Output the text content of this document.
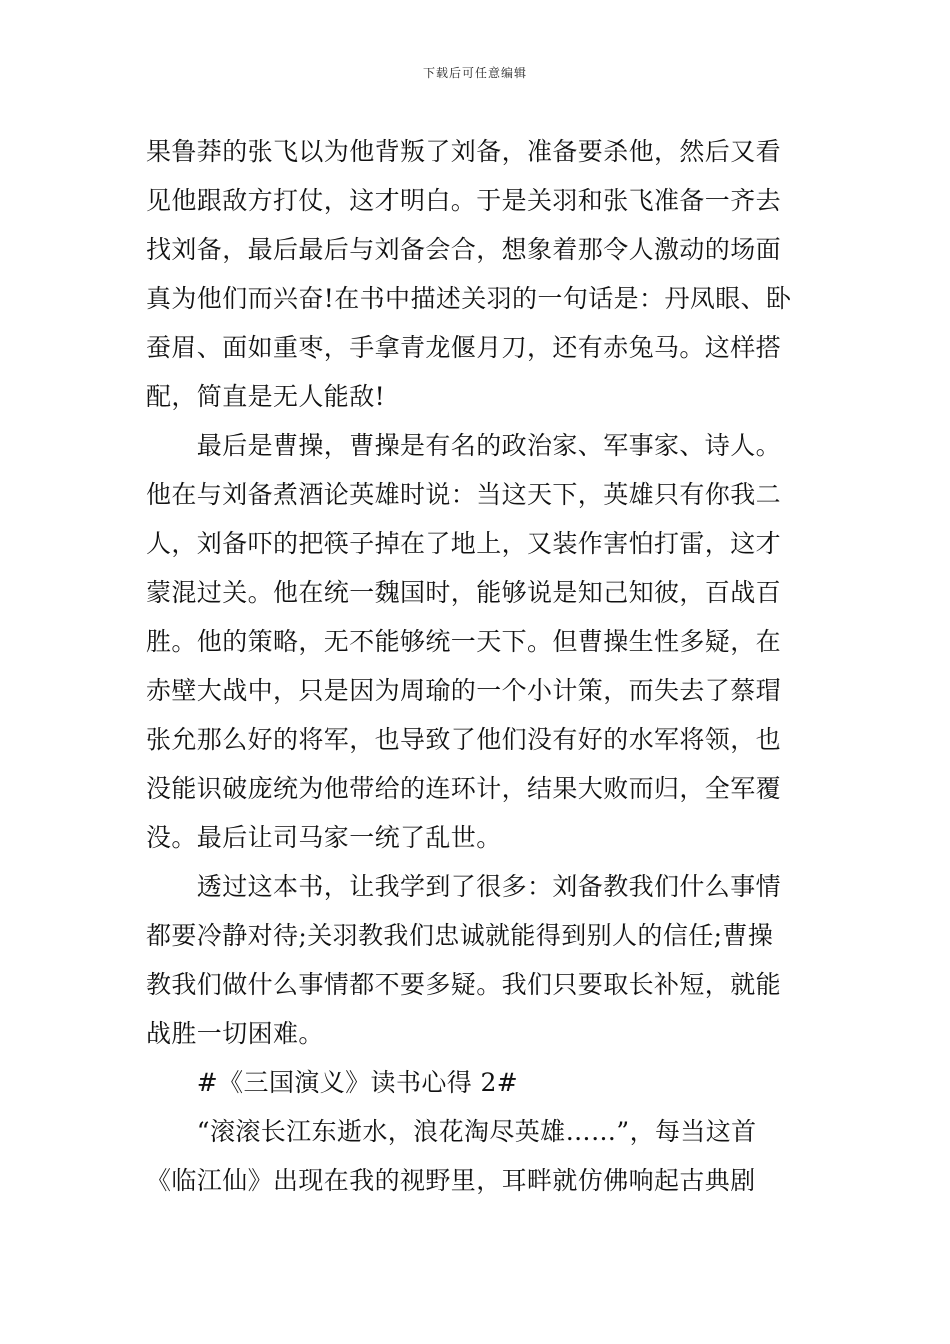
下载后可任意编辑
果鲁莽的张飞以为他背叛了刘备，准备要杀他，然后又看
见他跟敌方打仗，这才明白。于是关羽和张飞准备一齐去
找刘备，最后最后与刘备会合，想象着那令人激动的场面
真为他们而兴奋!在书中描述关羽的一句话是：丹凤眼、卧
蚕眉、面如重枣，手拿青龙偃月刀，还有赤兔马。这样搭
配，简直是无人能敌!
　　最后是曹操，曹操是有名的政治家、军事家、诗人。
他在与刘备煮酒论英雄时说：当这天下，英雄只有你我二
人，刘备吓的把筷子掉在了地上，又装作害怕打雷，这才
蒙混过关。他在统一魏国时，能够说是知己知彼，百战百
胜。他的策略，无不能够统一天下。但曹操生性多疑，在
赤壁大战中，只是因为周瑜的一个小计策，而失去了蔡瑁
张允那么好的将军，也导致了他们没有好的水军将领，也
没能识破庞统为他带给的连环计，结果大败而归，全军覆
没。最后让司马家一统了乱世。
　　透过这本书，让我学到了很多：刘备教我们什么事情
都要冷静对待;关羽教我们忠诚就能得到别人的信任;曹操
教我们做什么事情都不要多疑。我们只要取长补短，就能
战胜一切困难。
　　#《三国演义》读书心得 2#
　　“滚滚长江东逝水，浪花淘尽英雄……”，每当这首
《临江仙》出现在我的视野里，耳畔就仿佛响起古典剧
